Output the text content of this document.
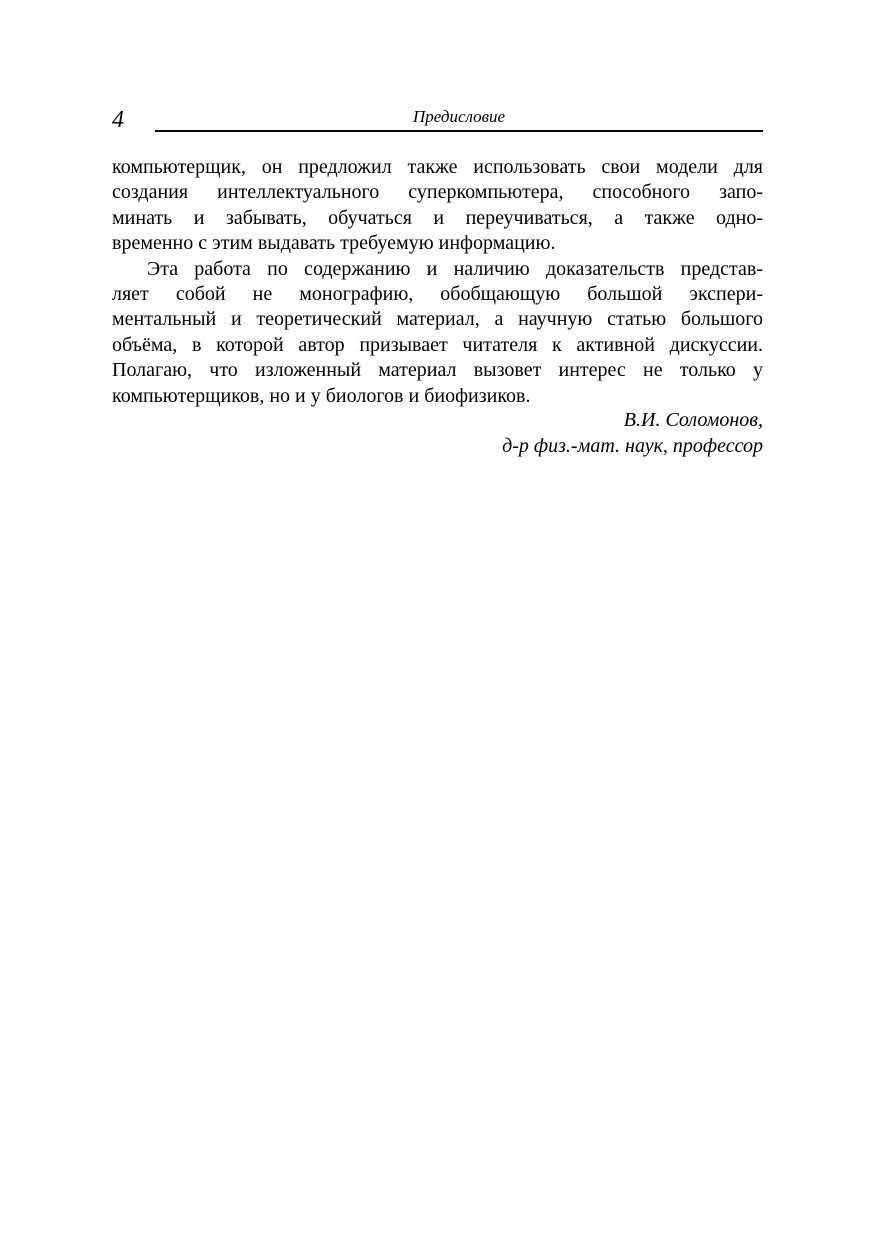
4	Предисловие

компьютерщик, он предложил также использовать свои модели для
создания интеллектуального суперкомпьютера, способного запо-
минать и забывать, обучаться и переучиваться, а также одно-
временно с этим выдавать требуемую информацию.

Эта работа по содержанию и наличию доказательств представ-
ляет собой не монографию, обобщающую большой экспери-
ментальный и теоретический материал, а научную статью большого
объёма, в которой автор призывает читателя к активной дискуссии.
Полагаю, что изложенный материал вызовет интерес не только у
компьютерщиков, но и у биологов и биофизиков.

В.И. Соломонов,
д-р физ.-мат. наук, профессор
